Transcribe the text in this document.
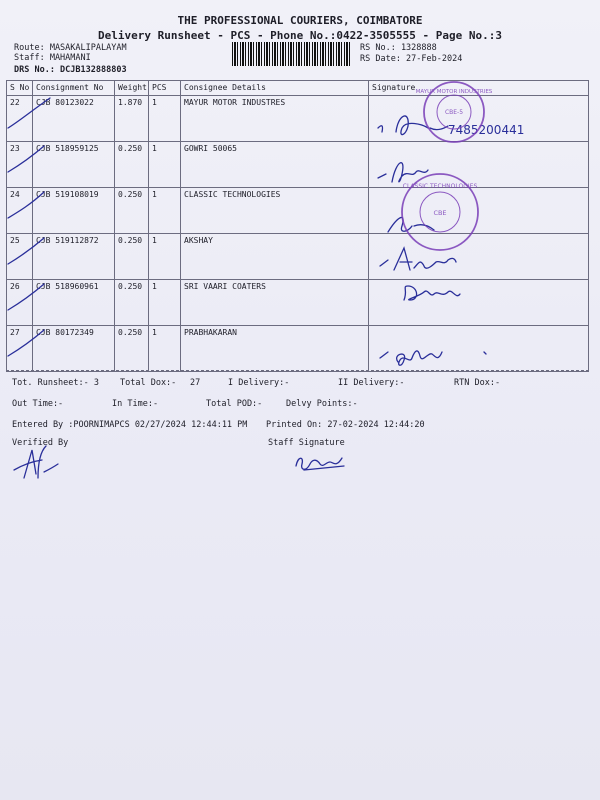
THE PROFESSIONAL COURIERS, COIMBATORE
Delivery Runsheet - PCS - Phone No.:0422-3505555 - Page No.:3
Route: MASAKALIPALAYAM
Staff: MAHAMANI
DRS No.: DCJB132888803
RS No.: 1328888
RS Date: 27-Feb-2024
S No	Consignment No	Weight	PCS	Consignee Details	Signature
22	CJB 80123022	1.870	1	MAYUR MOTOR INDUSTRES	
23	CJB 518959125	0.250	1	GOWRI 50065	
24	CJB 519108019	0.250	1	CLASSIC TECHNOLOGIES	
25	CJB 519112872	0.250	1	AKSHAY	
26	CJB 518960961	0.250	1	SRI VAARI COATERS	
27	CJB 80172349	0.250	1	PRABHAKARAN	
Tot. Runsheet:- 3 Total Dox:- 27	I Delivery:-	II Delivery:-	RTN Dox:-
Out Time:-	In Time:-	Total POD:-	Delvy Points:-
Entered By :POORNIMAPCS 02/27/2024 12:44:11 PM Printed On: 27-02-2024 12:44:20
Verified By	Staff Signature
7485200441
MAYUR MOTOR INDUSTRIES
CBE-5
CLASSIC TECHNOLOGIES
CBE
